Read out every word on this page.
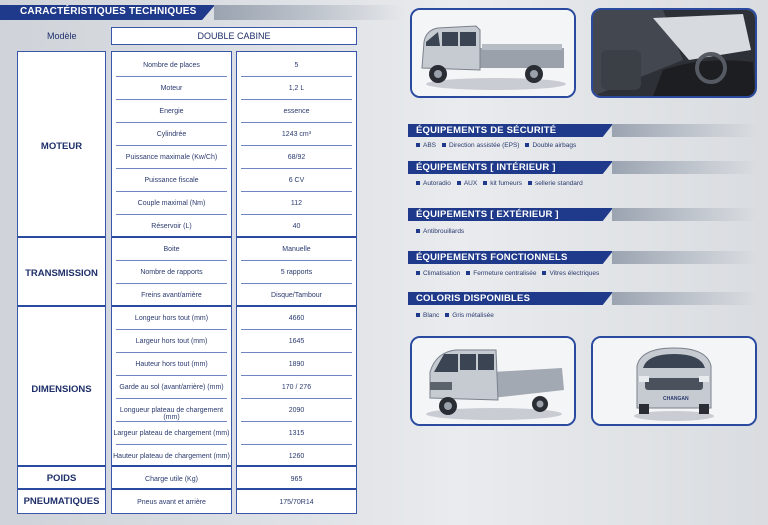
CARACTÉRISTIQUES TECHNIQUES
Modèle	DOUBLE CABINE
MOTEUR
TRANSMISSION
DIMENSIONS
POIDS
PNEUMATIQUES
Nombre de places
Moteur
Energie
Cylindrée
Puissance maximale (Kw/Ch)
Puissance fiscale
Couple maximal (Nm)
Réservoir (L)
Boite
Nombre de rapports
Freins avant/arrière
Longeur hors tout (mm)
Largeur hors tout (mm)
Hauteur hors tout (mm)
Garde au sol (avant/arrière) (mm)
Longueur plateau de chargement (mm)
Largeur plateau de chargement (mm)
Hauteur plateau de chargement (mm)
Charge utile (Kg)
Pneus avant et arrière
5
1,2 L
essence
1243 cm³
68/92
6 CV
112
40
Manuelle
5 rapports
Disque/Tambour
4660
1645
1890
170 / 276
2090
1315
1260
965
175/70R14
ÉQUIPEMENTS DE SÉCURITÉ
ABS Direction assistée (EPS) Double airbags
ÉQUIPEMENTS [ INTÉRIEUR ]
Autoradio AUX kit fumeurs sellerie standard
ÉQUIPEMENTS [ EXTÉRIEUR ]
Antibrouillards
ÉQUIPEMENTS FONCTIONNELS
Climatisation Fermeture centralisée Vitres électriques
COLORIS DISPONIBLES
Blanc Gris métalisée
CHANGAN
